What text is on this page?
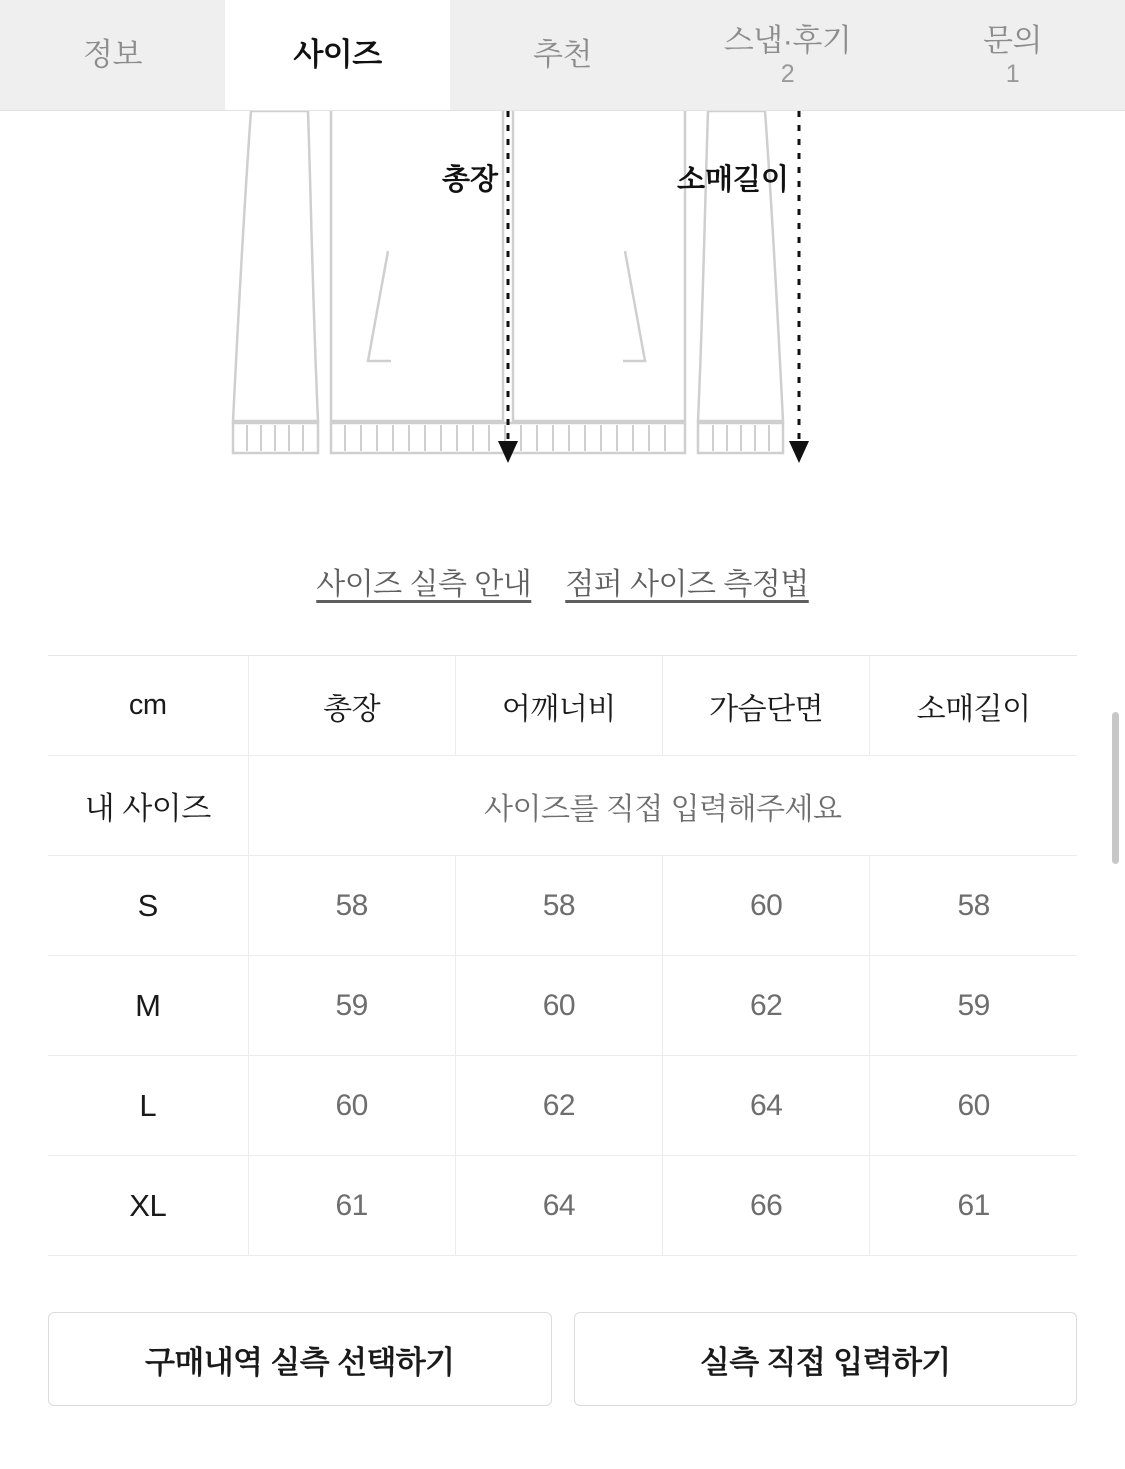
정보	사이즈	추천	스냅·후기
2
문의
1
총장	소매길이
사이즈 실측 안내 점퍼 사이즈 측정법
cm	총장	어깨너비	가슴단면	소매길이
내 사이즈	사이즈를 직접 입력해주세요			
S	58	58	60	58
M	59	60	62	59
L	60	62	64	60
XL	61	64	66	61
구매내역 실측 선택하기	실측 직접 입력하기
